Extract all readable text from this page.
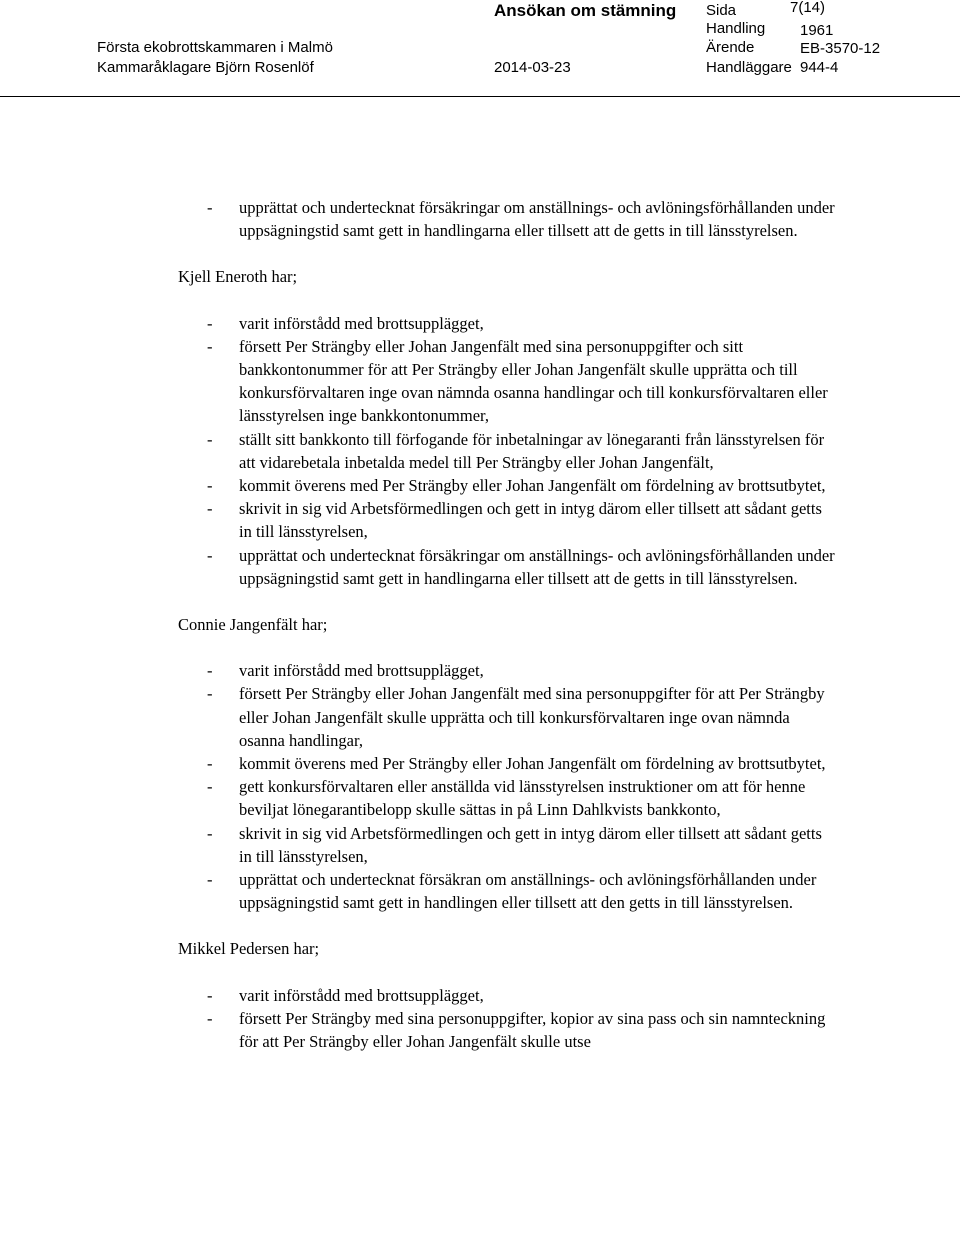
Ansökan om stämning Sida	7(14)
Första ekobrottskammaren i Malmö
Handling 1961
Ärende	EB-3570-12
Kammaråklagare Björn Rosenlöf	2014-03-23	Handläggare 944-4
- upprättat och undertecknat försäkringar om anställnings- och avlöningsförhållanden under uppsägningstid samt gett in handlingarna eller tillsett att de getts in till länsstyrelsen.

Kjell Eneroth har;

- varit införstådd med brottsupplägget,
- försett Per Strängby eller Johan Jangenfält med sina personuppgifter och sitt bankkontonummer för att Per Strängby eller Johan Jangenfält skulle upprätta och till konkursförvaltaren inge ovan nämnda osanna handlingar och till konkursförvaltaren eller länsstyrelsen inge bankkontonummer,
- ställt sitt bankkonto till förfogande för inbetalningar av lönegaranti från länsstyrelsen för att vidarebetala inbetalda medel till Per Strängby eller Johan Jangenfält,
- kommit överens med Per Strängby eller Johan Jangenfält om fördelning av brottsutbytet,
- skrivit in sig vid Arbetsförmedlingen och gett in intyg därom eller tillsett att sådant getts in till länsstyrelsen,
- upprättat och undertecknat försäkringar om anställnings- och avlöningsförhållanden under uppsägningstid samt gett in handlingarna eller tillsett att de getts in till länsstyrelsen.

Connie Jangenfält har;

- varit införstådd med brottsupplägget,
- försett Per Strängby eller Johan Jangenfält med sina personuppgifter för att Per Strängby eller Johan Jangenfält skulle upprätta och till konkursförvaltaren inge ovan nämnda osanna handlingar,
- kommit överens med Per Strängby eller Johan Jangenfält om fördelning av brottsutbytet,
- gett konkursförvaltaren eller anställda vid länsstyrelsen instruktioner om att för henne beviljat lönegarantibelopp skulle sättas in på Linn Dahlkvists bankkonto,
- skrivit in sig vid Arbetsförmedlingen och gett in intyg därom eller tillsett att sådant getts in till länsstyrelsen,
- upprättat och undertecknat försäkran om anställnings- och avlöningsförhållanden under uppsägningstid samt gett in handlingen eller tillsett att den getts in till länsstyrelsen.

Mikkel Pedersen har;

- varit införstådd med brottsupplägget,
- försett Per Strängby med sina personuppgifter, kopior av sina pass och sin namnteckning för att Per Strängby eller Johan Jangenfält skulle utse
